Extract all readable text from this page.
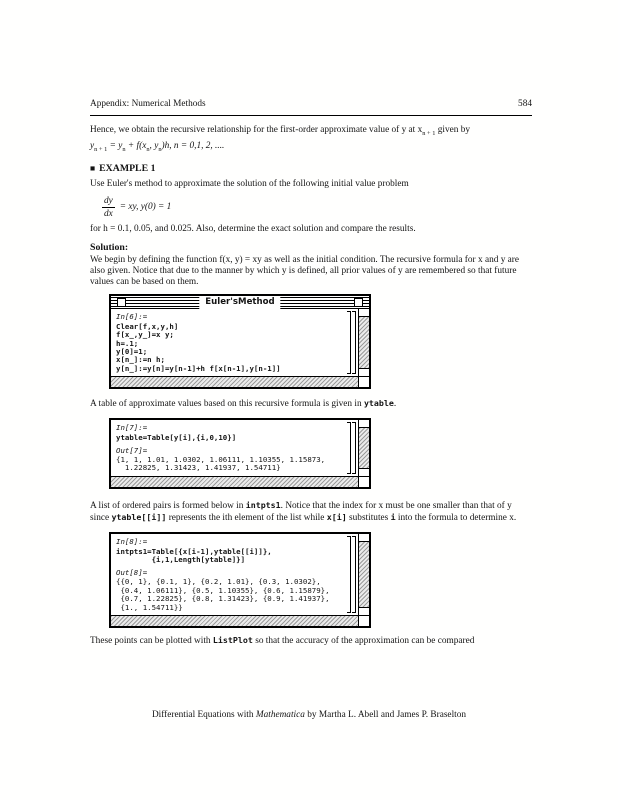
Appendix: Numerical Methods	584
Hence, we obtain the recursive relationship for the first-order approximate value of y at $x_{n + 1}$ given by
$y_{n + 1} = y_n + f(x_n$, $y_n)h$, n = 0,1, 2, ....
■ EXAMPLE 1
Use Euler's method to approximate the solution of the following initial value problem
$\frac{dy}{dx}$ = xy, y(0) = 1
for h = 0.1, 0.05, and 0.025. Also, determine the exact solution and compare the results.
Solution:
We begin by defining the function f(x, y) = xy as well as the initial condition. The recursive formula for x and y are also given. Notice that due to the manner by which y is defined, all prior values of y are remembered so that future values can be based on them.
Euler'sMethod
In[6]:=
Clear[f,x,y,h]
f[x_,y_]=x y;
h=.1;
y[0]=1;
x[n_]:=n h;
y[n_]:=y[n]=y[n-1]+h f[x[n-1],y[n-1]]
A table of approximate values based on this recursive formula is given in ytable.
In[7]:=
ytable=Table[y[i],{i,0,10}]
Out[7]=
{1, 1, 1.01, 1.0302, 1.06111, 1.10355, 1.15873,
1.22825, 1.31423, 1.41937, 1.54711}
A list of ordered pairs is formed below in intpts1. Notice that the index for x must be one smaller than that of y since ytable[[i]] represents the ith element of the list while x[i] substitutes i into the formula to determine x.
In[8]:=
intpts1=Table[{x[i-1],ytable[[i]]},
{i,1,Length[ytable]}]
Out[8]=
{{0, 1}, {0.1, 1}, {0.2, 1.01}, {0.3, 1.0302},
{0.4, 1.06111}, {0.5, 1.10355}, {0.6, 1.15879},
{0.7, 1.22825}, {0.8, 1.31423}, {0.9, 1.41937},
{1., 1.54711}}
These points can be plotted with ListPlot so that the accuracy of the approximation can be compared
Differential Equations with Mathematica by Martha L. Abell and James P. Braselton
